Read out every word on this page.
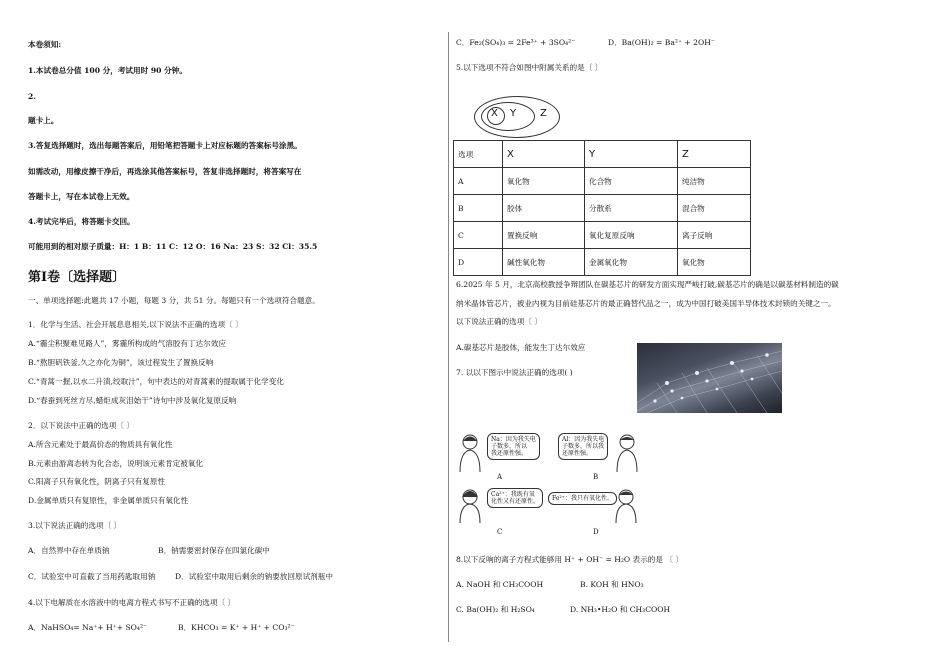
本卷须知:
1.本试卷总分值 100 分，考试用时 90 分钟。
2.
题卡上。
3.答复选择题时，选出每题答案后，用铅笔把答题卡上对应标题的答案标号涂黑。
如需改动，用橡皮擦干净后，再选涂其他答案标号，答复非选择题时，将答案写在
答题卡上，写在本试卷上无效。
4.考试完毕后，将答题卡交回。
可能用到的相对原子质量：H：1 B：11 C：12 O：16 Na：23 S：32 Cl：35.5
第Ⅰ卷〔选择题〕
一、单项选择题:此题共 17 小题，每题 3 分，共 51 分。每题只有一个选项符合题意。
1．化学与生活、社会开展息息相关,以下说法不正确的选项〔 〕
A.“霾尘积聚难见路人”，雾霾所构成的气溶胶有丁达尔效应
B.“熬胆矾铁釜,久之亦化为铜”，该过程发生了置换反响
C.“青蒿一握,以水二升渍,绞取汁”，句中表达的对青蒿素的提取属于化学变化
D.“春蚕到死丝方尽,蜡炬成灰泪始干”诗句中涉及氧化复原反响
2．以下说法中正确的选项〔 〕
A.所含元素处于最高价态的物质具有氧化性
B.元素由游离态转为化合态，说明该元素肯定被氧化
C.阳离子只有氧化性，阴离子只有复原性
D.金属单质只有复原性，非金属单质只有氧化性
3.以下说法正确的选项〔 〕
A．自然界中存在单质钠	B．钠需要密封保存在四氯化碳中
C．试验室中可直截了当用药匙取用钠	D．试验室中取用后剩余的钠要放回原试剂瓶中
4.以下电解质在水溶液中的电离方程式书写不正确的选项〔 〕
A．NaHSO₄= Na⁺+ H⁺+ SO₄²⁻	B．KHCO₃ = K⁺ + H⁺ + CO₃²⁻
C．Fe₂(SO₄)₃ = 2Fe³⁺ + 3SO₄²⁻	D．Ba(OH)₂ = Ba²⁺ + 2OH⁻
5.以下选项不符合如图中附属关系的是〔 〕
X Y Z
选项	X	Y	Z
A	氧化物	化合物	纯洁物
B	胶体	分散系	混合物
C	置换反响	氧化复原反响	离子反响
D	碱性氧化物	金属氧化物	氧化物
6.2025 年 5 月，北京高校教授争辩团队在碳基芯片的研发方面实现严峻打破,碳基芯片的确是以碳基材料制造的碳
纳米晶体管芯片，被业内视为目前硅基芯片的最正确替代品之一，成为中国打破美国半导体技术封锁的关键之一。
以下说法正确的选项〔 〕
A.碳基芯片是胶体，能发生丁达尔效应
7. 以以下图示中说法正确的选项( )
Na：因为我失电
子数多，所以
我还原性强。
Al：因为我失电
子数多，所以我
还原性强。
A	B
Ca²⁺：我既有氧
化性又有还原性。 Fe²⁺：我只有氧化性。
C	D
8.以下反响的离子方程式能够用 H⁺ + OH⁻ = H₂O 表示的是 〔 〕
A. NaOH 和 CH₃COOH	B. KOH 和 HNO₃
C. Ba(OH)₂ 和 H₂SO₄	D. NH₃•H₂O 和 CH₃COOH
